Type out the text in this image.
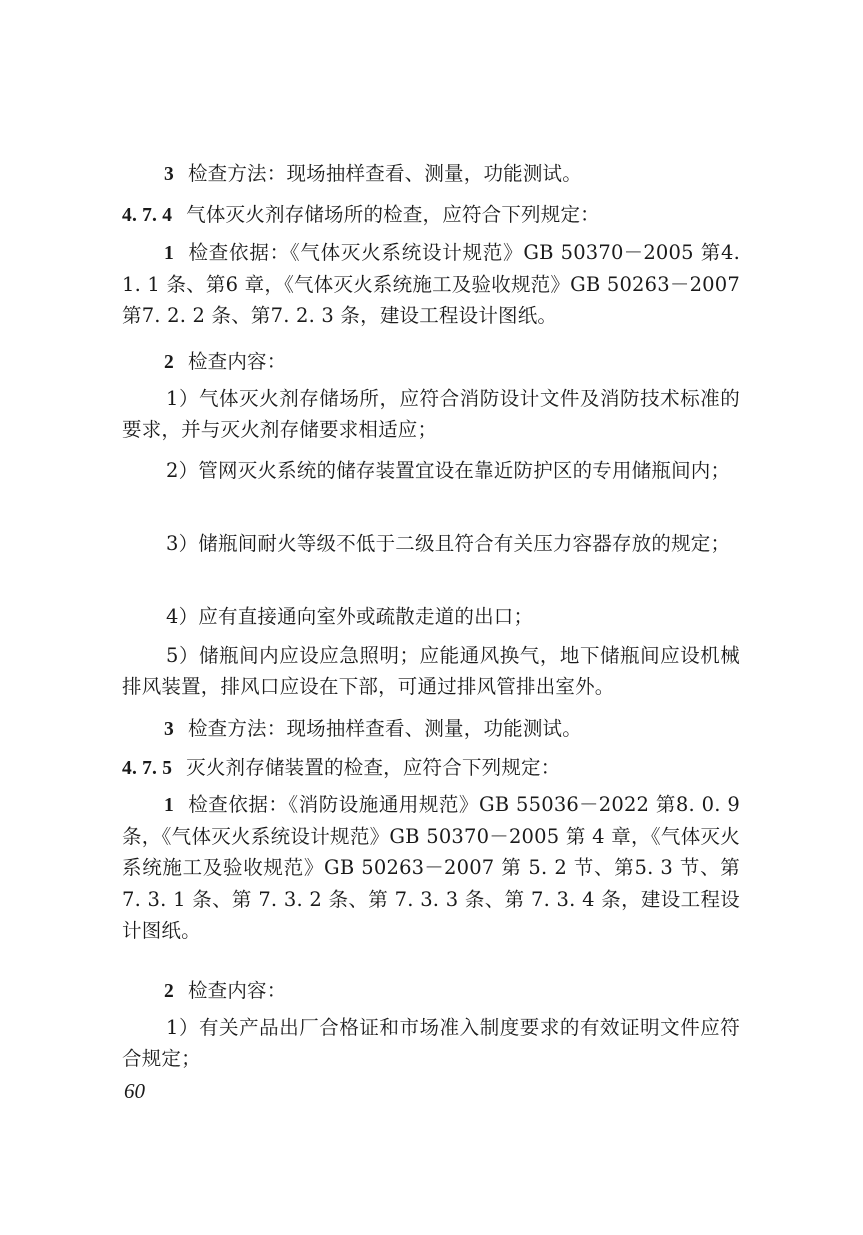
3 检查方法：现场抽样查看、测量，功能测试。
4. 7. 4 气体灭火剂存储场所的检查，应符合下列规定：
1 检查依据：《气体灭火系统设计规范》GB 50370－2005 第4. 1. 1 条、第6 章，《气体灭火系统施工及验收规范》GB 50263－2007 第7. 2. 2 条、第7. 2. 3 条，建设工程设计图纸。
2 检查内容：
1）气体灭火剂存储场所，应符合消防设计文件及消防技术标准的要求，并与灭火剂存储要求相适应；
2）管网灭火系统的储存装置宜设在靠近防护区的专用储瓶间内；
3）储瓶间耐火等级不低于二级且符合有关压力容器存放的规定；
4）应有直接通向室外或疏散走道的出口；
5）储瓶间内应设应急照明；应能通风换气，地下储瓶间应设机械排风装置，排风口应设在下部，可通过排风管排出室外。
3 检查方法：现场抽样查看、测量，功能测试。
4. 7. 5 灭火剂存储装置的检查，应符合下列规定：
1 检查依据：《消防设施通用规范》GB 55036－2022 第8. 0. 9 条，《气体灭火系统设计规范》GB 50370－2005 第 4 章，《气体灭火系统施工及验收规范》GB 50263－2007 第 5. 2 节、第5. 3 节、第 7. 3. 1 条、第 7. 3. 2 条、第 7. 3. 3 条、第 7. 3. 4 条，建设工程设计图纸。
2 检查内容：
1）有关产品出厂合格证和市场准入制度要求的有效证明文件应符合规定；
60
